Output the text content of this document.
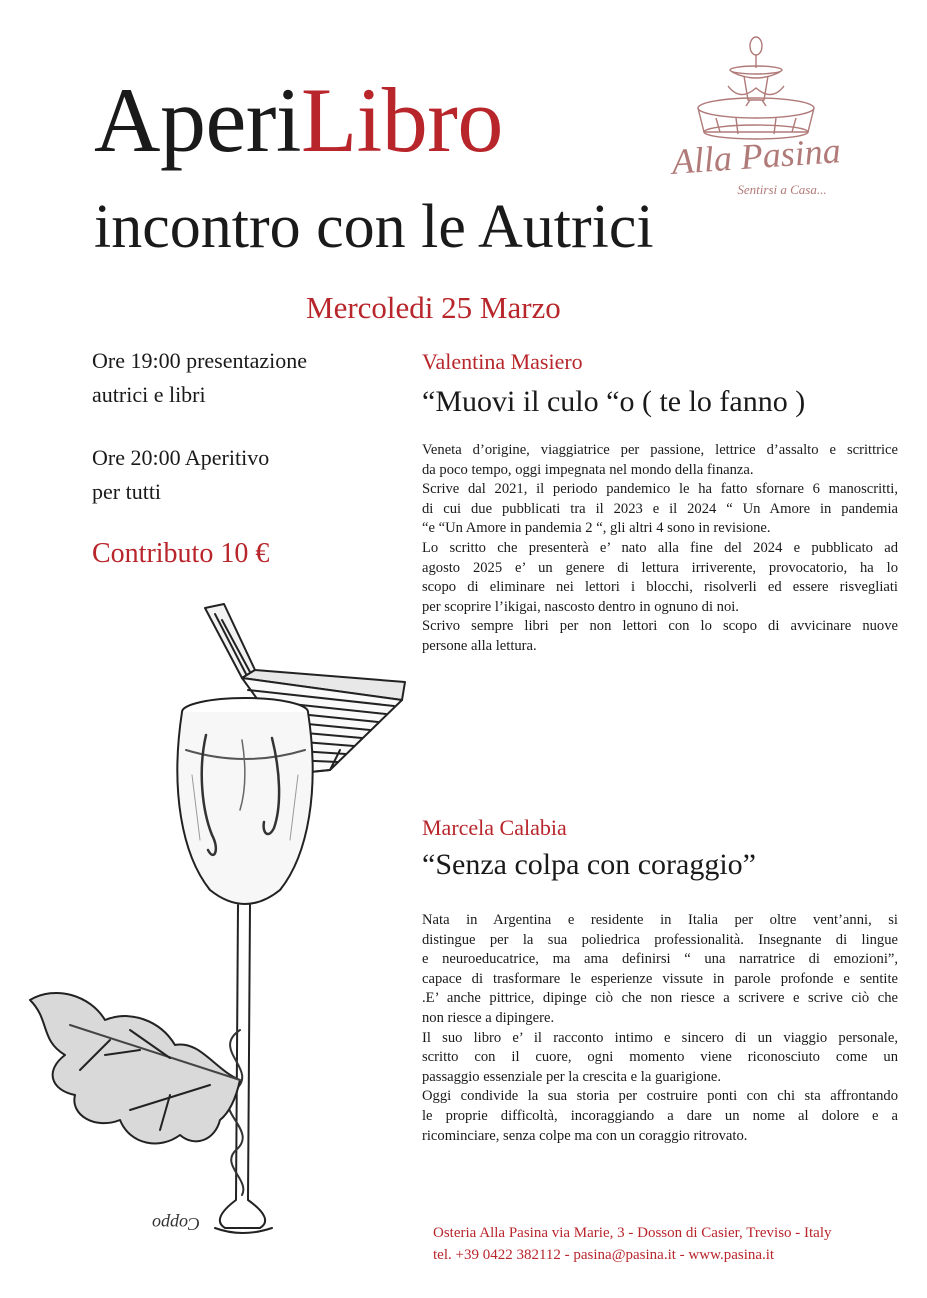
AperiLibro
incontro con le Autrici
Mercoledi 25 Marzo
Alla Pasina
Sentirsi a Casa...
Ore 19:00 presentazione
autrici e libri
Ore 20:00 Aperitivo
per tutti
Contributo 10 €
Valentina Masiero
“Muovi il culo “o ( te lo fanno )

Veneta d’origine, viaggiatrice per passione, lettrice d’assalto e scrittrice

da poco tempo, oggi impegnata nel mondo della finanza.

Scrive dal 2021, il periodo pandemico le ha fatto sfornare 6 manoscritti,

di cui due pubblicati tra il 2023 e il 2024 “ Un Amore in pandemia

“e “Un Amore in pandemia 2 “, gli altri 4 sono in revisione.

Lo scritto che presenterà e’ nato alla fine del 2024 e pubblicato ad

agosto 2025 e’ un genere di lettura irriverente, provocatorio, ha lo

scopo di eliminare nei lettori i blocchi, risolverli ed essere risvegliati

per scoprire l’ikigai, nascosto dentro in ognuno di noi.

Scrivo sempre libri per non lettori con lo scopo di avvicinare nuove

persone alla lettura.

Marcela Calabia
“Senza colpa con coraggio”

Nata in Argentina e residente in Italia per oltre vent’anni, si

distingue per la sua poliedrica professionalità. Insegnante di lingue

e neuroeducatrice, ma ama definirsi “ una narratrice di emozioni”,

capace di trasformare le esperienze vissute in parole profonde e sentite

.E’ anche pittrice, dipinge ciò che non riesce a scrivere e scrive ciò che

non riesce a dipingere.

Il suo libro e’ il racconto intimo e sincero di un viaggio personale,

scritto con il cuore, ogni momento viene riconosciuto come un

passaggio essenziale per la crescita e la guarigione.

Oggi condivide la sua storia per costruire ponti con chi sta affrontando

le proprie difficoltà, incoraggiando a dare un nome al dolore e a

ricominciare, senza colpe ma con un coraggio ritrovato.

Coppo	Osteria Alla Pasina via Marie, 3 - Dosson di Casier, Treviso - Italy
tel. +39 0422 382112 - pasina@pasina.it - www.pasina.it
